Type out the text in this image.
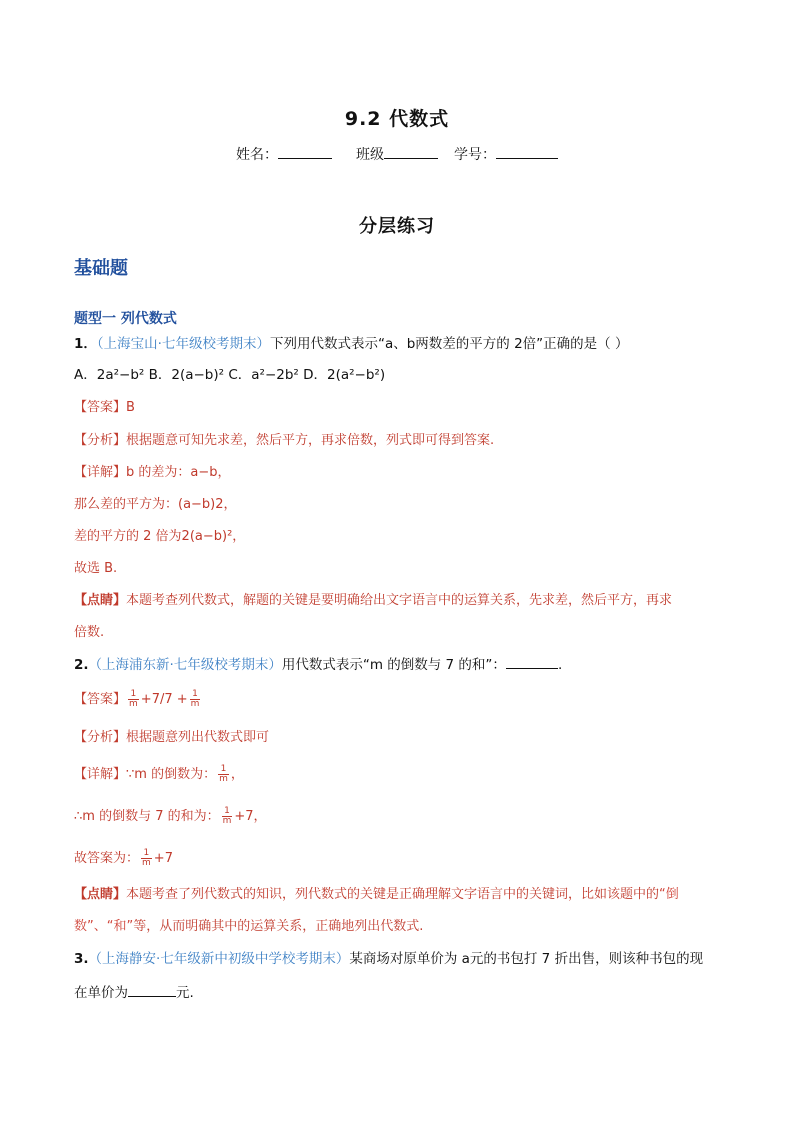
9.2 代数式
姓名：	班级	学号：
分层练习
基础题
题型一 列代数式
1．（上海宝山·七年级校考期末）下列用代数式表示“a、b两数差的平方的 2倍”正确的是（ ）
A．2a²−b² B．2(a−b)² C．a²−2b² D．2(a²−b²)
【答案】B
【分析】根据题意可知先求差，然后平方，再求倍数，列式即可得到答案.
【详解】b 的差为：a−b，
那么差的平方为：(a−b)2，
差的平方的 2 倍为2(a−b)²，
故选 B.
【点睛】本题考查列代数式，解题的关键是要明确给出文字语言中的运算关系，先求差，然后平方，再求
倍数.
2.（上海浦东新·七年级校考期末）用代数式表示“m 的倒数与 7 的和”：	.
【答案】 $\frac{1}{m} +7/7 + \frac{1}{m}$
【分析】根据题意列出代数式即可
【详解】∵m 的倒数为： $\frac{1}{m}$ ，
∴m 的倒数与 7 的和为： $\frac{1}{m} +7$，
故答案为： $\frac{1}{m} +7$
【点睛】本题考查了列代数式的知识，列代数式的关键是正确理解文字语言中的关键词，比如该题中的“倒
数”、“和”等，从而明确其中的运算关系，正确地列出代数式.
3.（上海静安·七年级新中初级中学校考期末）某商场对原单价为 a元的书包打 7 折出售，则该种书包的现
在单价为	元.
